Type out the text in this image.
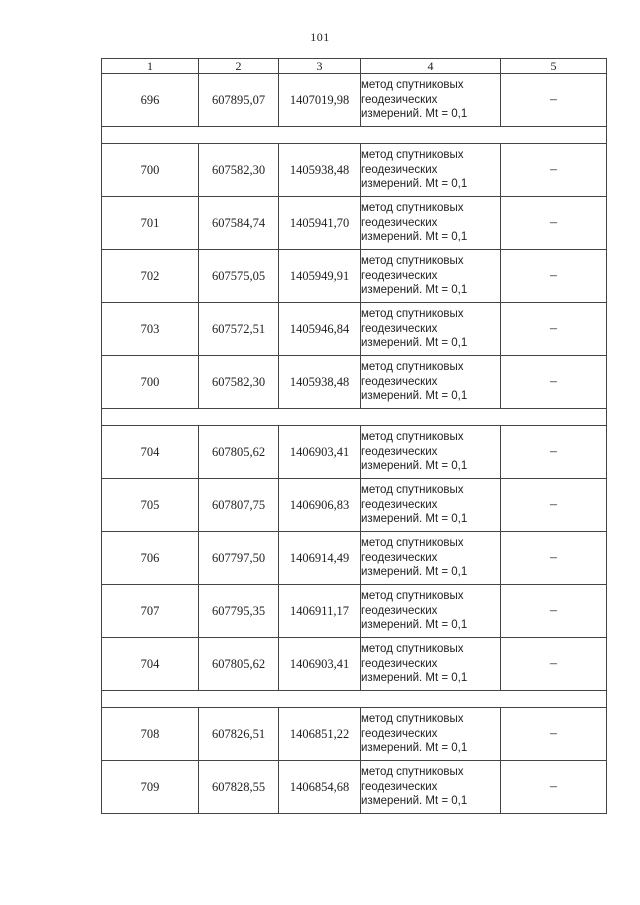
101
1	2	3	4	5
696	607895,07	1407019,98	метод спутниковых
геодезических
измерений. Mt = 0,1	–

700	607582,30	1405938,48	метод спутниковых
геодезических
измерений. Mt = 0,1	–
701	607584,74	1405941,70	метод спутниковых
геодезических
измерений. Mt = 0,1	–
702	607575,05	1405949,91	метод спутниковых
геодезических
измерений. Mt = 0,1	–
703	607572,51	1405946,84	метод спутниковых
геодезических
измерений. Mt = 0,1	–
700	607582,30	1405938,48	метод спутниковых
геодезических
измерений. Mt = 0,1	–

704	607805,62	1406903,41	метод спутниковых
геодезических
измерений. Mt = 0,1	–
705	607807,75	1406906,83	метод спутниковых
геодезических
измерений. Mt = 0,1	–
706	607797,50	1406914,49	метод спутниковых
геодезических
измерений. Mt = 0,1	–
707	607795,35	1406911,17	метод спутниковых
геодезических
измерений. Mt = 0,1	–
704	607805,62	1406903,41	метод спутниковых
геодезических
измерений. Mt = 0,1	–

708	607826,51	1406851,22	метод спутниковых
геодезических
измерений. Mt = 0,1	–
709	607828,55	1406854,68	метод спутниковых
геодезических
измерений. Mt = 0,1	–
